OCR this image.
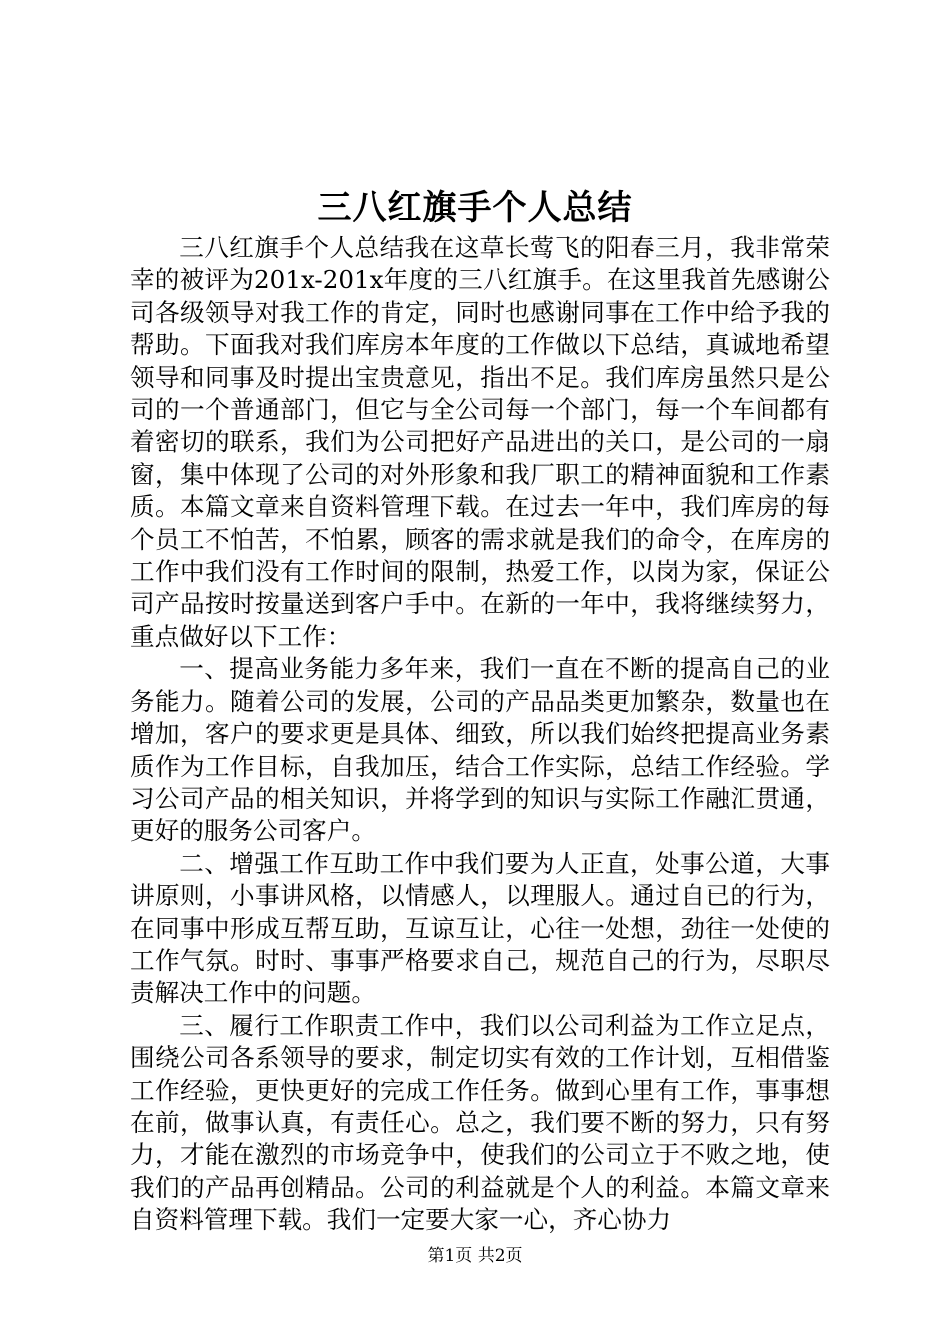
三八红旗手个人总结

三八红旗手个人总结我在这草长莺飞的阳春三月，我非常荣幸的被评为201x-201x年度的三八红旗手。在这里我首先感谢公司各级领导对我工作的肯定，同时也感谢同事在工作中给予我的帮助。下面我对我们库房本年度的工作做以下总结，真诚地希望领导和同事及时提出宝贵意见，指出不足。我们库房虽然只是公司的一个普通部门，但它与全公司每一个部门，每一个车间都有着密切的联系，我们为公司把好产品进出的关口，是公司的一扇窗，集中体现了公司的对外形象和我厂职工的精神面貌和工作素质。本篇文章来自资料管理下载。在过去一年中，我们库房的每个员工不怕苦，不怕累，顾客的需求就是我们的命令，在库房的工作中我们没有工作时间的限制，热爱工作，以岗为家，保证公司产品按时按量送到客户手中。在新的一年中，我将继续努力，重点做好以下工作：

一、提高业务能力多年来，我们一直在不断的提高自己的业务能力。随着公司的发展，公司的产品品类更加繁杂，数量也在增加，客户的要求更是具体、细致，所以我们始终把提高业务素质作为工作目标，自我加压，结合工作实际，总结工作经验。学习公司产品的相关知识，并将学到的知识与实际工作融汇贯通，更好的服务公司客户。

二、增强工作互助工作中我们要为人正直，处事公道，大事讲原则，小事讲风格，以情感人，以理服人。通过自已的行为，在同事中形成互帮互助，互谅互让，心往一处想，劲往一处使的工作气氛。时时、事事严格要求自己，规范自己的行为，尽职尽责解决工作中的问题。

三、履行工作职责工作中，我们以公司利益为工作立足点，围绕公司各系领导的要求，制定切实有效的工作计划，互相借鉴工作经验，更快更好的完成工作任务。做到心里有工作，事事想在前，做事认真，有责任心。总之，我们要不断的努力，只有努力，才能在激烈的市场竞争中，使我们的公司立于不败之地，使我们的产品再创精品。公司的利益就是个人的利益。本篇文章来自资料管理下载。我们一定要大家一心，齐心协力

第1页 共2页
